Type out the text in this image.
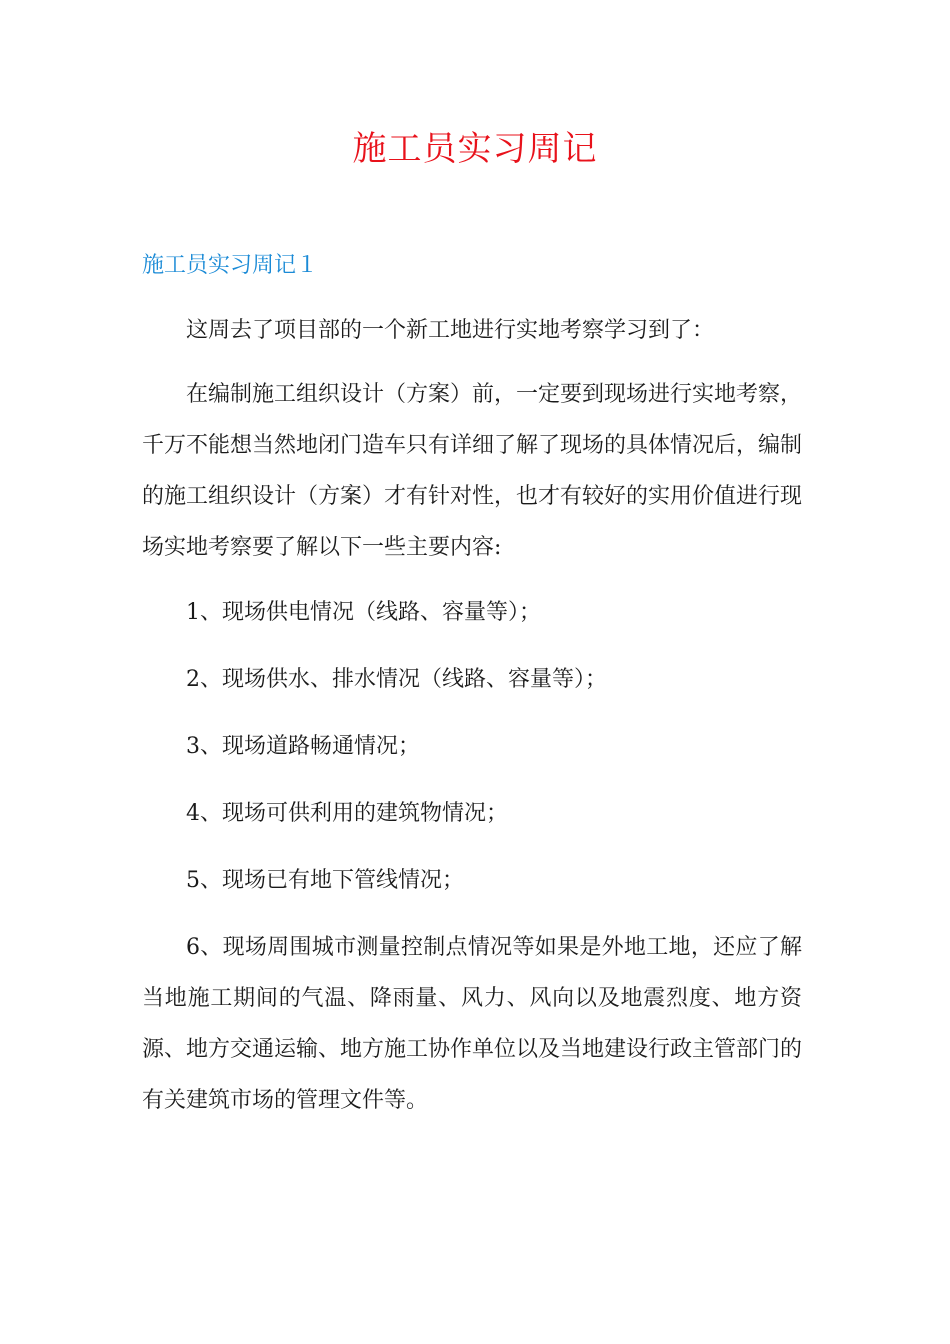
施工员实习周记
施工员实习周记１

这周去了项目部的一个新工地进行实地考察学习到了：

在编制施工组织设计（方案）前，一定要到现场进行实地考察，千万不能想当然地闭门造车只有详细了解了现场的具体情况后，编制的施工组织设计（方案）才有针对性，也才有较好的实用价值进行现场实地考察要了解以下一些主要内容:

1、现场供电情况（线路、容量等）；

2、现场供水、排水情况（线路、容量等）；

3、现场道路畅通情况；

4、现场可供利用的建筑物情况；

5、现场已有地下管线情况；

6、现场周围城市测量控制点情况等如果是外地工地，还应了解当地施工期间的气温、降雨量、风力、风向以及地震烈度、地方资源、地方交通运输、地方施工协作单位以及当地建设行政主管部门的有关建筑市场的管理文件等。
